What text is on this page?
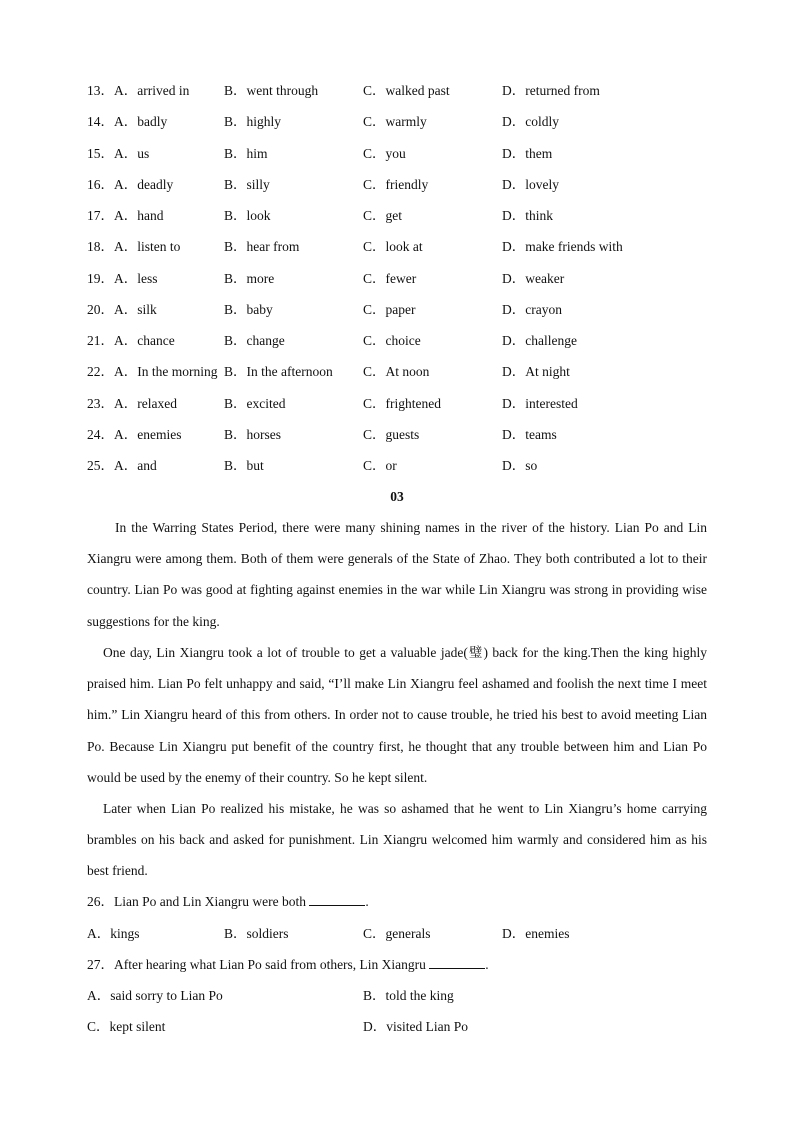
13．A．arrived in	B．went through	C．walked past	D．returned from
14．A．badly	B．highly	C．warmly	D．coldly
15．A．us	B．him	C．you	D．them
16．A．deadly	B．silly	C．friendly	D．lovely
17．A．hand	B．look	C．get	D．think
18．A．listen to	B．hear from	C．look at	D．make friends with
19．A．less	B．more	C．fewer	D．weaker
20．A．silk	B．baby	C．paper	D．crayon
21．A．chance	B．change	C．choice	D．challenge
22．A．In the morning B．In the afternoon C．At noon	D．At night
23．A．relaxed	B．excited	C．frightened	D．interested
24．A．enemies	B．horses	C．guests	D．teams
25．A．and	B．but	C．or	D．so
03

In the Warring States Period, there were many shining names in the river of the history. Lian Po and Lin Xiangru were among them. Both of them were generals of the State of Zhao. They both contributed a lot to their country. Lian Po was good at fighting against enemies in the war while Lin Xiangru was strong in providing wise suggestions for the king.

One day, Lin Xiangru took a lot of trouble to get a valuable jade(璧) back for the king.Then the king highly praised him. Lian Po felt unhappy and said, “I’ll make Lin Xiangru feel ashamed and foolish the next time I meet him.” Lin Xiangru heard of this from others. In order not to cause trouble, he tried his best to avoid meeting Lian Po. Because Lin Xiangru put benefit of the country first, he thought that any trouble between him and Lian Po would be used by the enemy of their country. So he kept silent.

Later when Lian Po realized his mistake, he was so ashamed that he went to Lin Xiangru’s home carrying brambles on his back and asked for punishment. Lin Xiangru welcomed him warmly and considered him as his best friend.

26．Lian Po and Lin Xiangru were both	.
A．kings	B．soldiers	C．generals	D．enemies
27．After hearing what Lian Po said from others, Lin Xiangru	.
A．said sorry to Lian Po	B．told the king
C．kept silent	D．visited Lian Po
